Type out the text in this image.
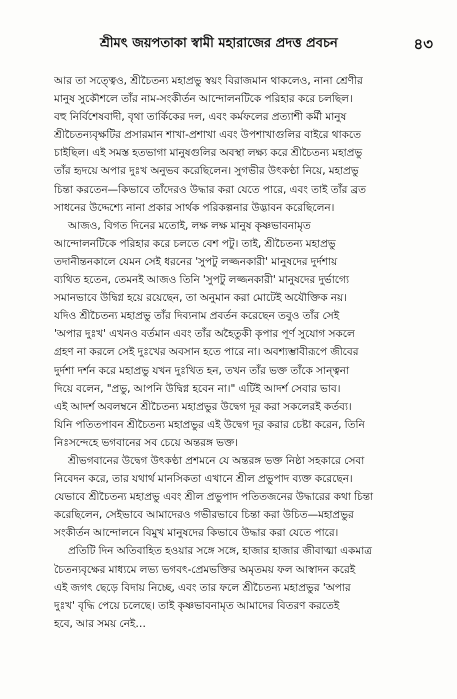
শ্রীমৎ জয়পতাকা স্বামী মহারাজের প্রদত্ত প্রবচন	৪৩
আর তা সত্ত্বেও, শ্রীচৈতন্য মহাপ্রভু স্বয়ং বিরাজমান থাকলেও, নানা শ্রেণীর
মানুষ সুকৌশলে তাঁর নাম-সংকীর্তন আন্দোলনটিকে পরিহার করে চলছিল।
বহু নির্বিশেষবাদী, বৃথা তার্কিকের দল, এবং কর্মফলের প্রত্যাশী কর্মী মানুষ
শ্রীচৈতন্যবৃক্ষটির প্রসারমান শাখা-প্রশাখা এবং উপশাখাগুলির বাইরে থাকতে
চাইছিল। এই সমস্ত হতভাগা মানুষগুলির অবস্থা লক্ষ্য করে শ্রীচৈতন্য মহাপ্রভু
তাঁর হৃদয়ে অপার দুঃখ অনুভব করেছিলেন। সুগভীর উৎকণ্ঠা নিয়ে, মহাপ্রভু
চিন্তা করতেন—কিভাবে তাঁদেরও উদ্ধার করা যেতে পারে, এবং তাই তাঁর ব্রত
সাধনের উদ্দেশ্যে নানা প্রকার সার্থক পরিকল্পনার উদ্ভাবন করেছিলেন।
আজও, বিগত দিনের মতোই, লক্ষ লক্ষ মানুষ কৃষ্ণভাবনামৃত
আন্দোলনটিকে পরিহার করে চলতে বেশ পটু। তাই, শ্রীচৈতন্য মহাপ্রভু
তদানীন্তনকালে যেমন সেই ধরনের 'সুপটু লজ্জনকারী' মানুষদের দুর্দশায়
ব্যথিত হতেন, তেমনই আজও তিনি 'সুপটু লজ্জনকারী' মানুষদের দুর্ভাগ্যে
সমানভাবে উদ্বিগ্ন হয়ে রয়েছেন, তা অনুমান করা মোটেই অযৌক্তিক নয়।
যদিও শ্রীচৈতন্য মহাপ্রভু তাঁর দিব্যনাম প্রবর্তন করেছেন তবুও তাঁর সেই
'অপার দুঃখ' এখনও বর্তমান এবং তাঁর অহৈতুকী কৃপার পূর্ণ সুযোগ সকলে
গ্রহণ না করলে সেই দুঃখের অবসান হতে পারে না। অবশ্যম্ভাবীরূপে জীবের
দুর্দশা দর্শন করে মহাপ্রভু যখন দুঃখিত হন, তখন তাঁর ভক্ত তাঁকে সান্ত্বনা
দিয়ে বলেন, "প্রভু, আপনি উদ্বিগ্ন হবেন না।" এটিই আদর্শ সেবার ভাব।
এই আদর্শ অবলম্বনে শ্রীচৈতন্য মহাপ্রভুর উদ্বেগ দূর করা সকলেরই কর্তব্য।
যিনি পতিতপাবন শ্রীচৈতন্য মহাপ্রভুর এই উদ্বেগ দূর করার চেষ্টা করেন, তিনি
নিঃসন্দেহে ভগবানের সব চেয়ে অন্তরঙ্গ ভক্ত।
শ্রীভগবানের উদ্বেগ উৎকণ্ঠা প্রশমনে যে অন্তরঙ্গ ভক্ত নিষ্ঠা সহকারে সেবা
নিবেদন করে, তার যথার্থ মানসিকতা এখানে শ্রীল প্রভুপাদ ব্যক্ত করেছেন।
যেভাবে শ্রীচৈতন্য মহাপ্রভু এবং শ্রীল প্রভুপাদ পতিতজনের উদ্ধারের কথা চিন্তা
করেছিলেন, সেইভাবে আমাদেরও গভীরভাবে চিন্তা করা উচিত—মহাপ্রভুর
সংকীর্তন আন্দোলনে বিমুখ মানুষদের কিভাবে উদ্ধার করা যেতে পারে।
প্রতিটি দিন অতিবাহিত হওয়ার সঙ্গে সঙ্গে, হাজার হাজার জীবাত্মা একমাত্র
চৈতন্যবৃক্ষের মাধ্যমে লভ্য ভগবৎ-প্রেমভক্তির অমৃতময় ফল আস্বাদন করেই
এই জগৎ ছেড়ে বিদায় নিচ্ছে, এবং তার ফলে শ্রীচৈতন্য মহাপ্রভুর 'অপার
দুঃখ' বৃদ্ধি পেয়ে চলেছে। তাই কৃষ্ণভাবনামৃত আমাদের বিতরণ করতেই
হবে, আর সময় নেই…
